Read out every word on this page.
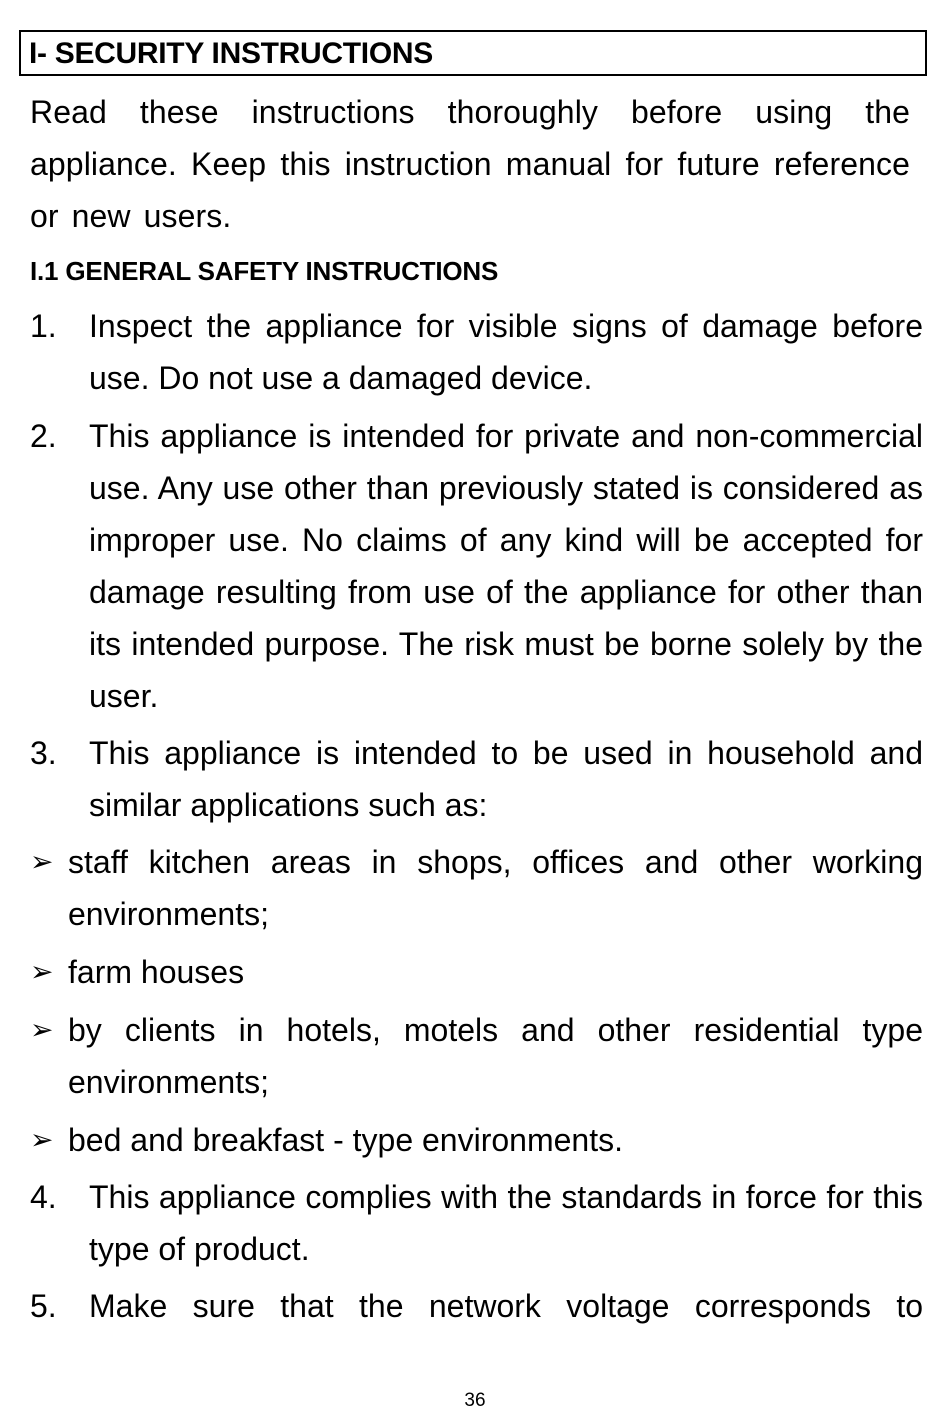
I- SECURITY INSTRUCTIONS
Read these instructions thoroughly before using the appliance. Keep this instruction manual for future reference or new users.
I.1 GENERAL SAFETY INSTRUCTIONS
1.	Inspect the appliance for visible signs of damage before use. Do not use a damaged device.
2.	This appliance is intended for private and non-commercial use. Any use other than previously stated is considered as improper use. No claims of any kind will be accepted for damage resulting from use of the appliance for other than its intended purpose. The risk must be borne solely by the user.
3.	This appliance is intended to be used in household and similar applications such as:
➢ staff kitchen areas in shops, offices and other working environments;
➢ farm houses
➢ by clients in hotels, motels and other residential type environments;
➢ bed and breakfast - type environments.
4.	This appliance complies with the standards in force for this type of product.
5.	Make sure that the network voltage corresponds to
36
